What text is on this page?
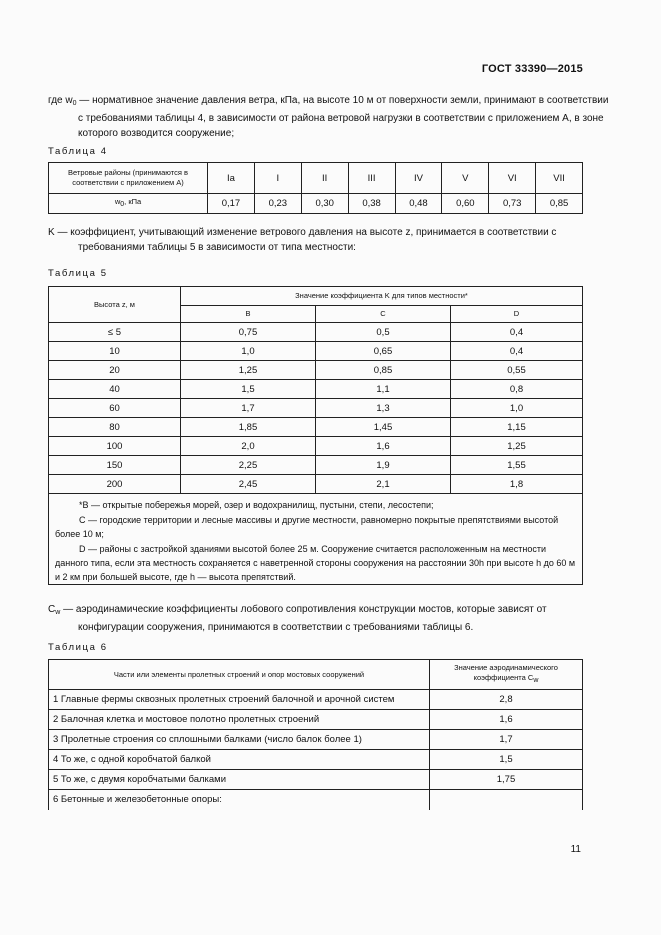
ГОСТ 33390—2015
где $w_0$ — нормативное значение давления ветра, кПа, на высоте 10 м от поверхности земли, принимают в соответствии с требованиями таблицы 4, в зависимости от района ветровой нагрузки в соответствии с приложением А, в зоне которого возводится сооружение;
Таблица 4
Ветровые районы (принимаются в соответствии с приложением А)	Ia	I	II	III	IV	V	VI	VII
$w_0$, кПа	0,17	0,23	0,30	0,38	0,48	0,60	0,73	0,85
K — коэффициент, учитывающий изменение ветрового давления на высоте z, принимается в соответствии с требованиями таблицы 5 в зависимости от типа местности:
Таблица 5
Высота z, м	Значение коэффициента K для типов местности*		
	B	C	D
≤ 5	0,75	0,5	0,4
10	1,0	0,65	0,4
20	1,25	0,85	0,55
40	1,5	1,1	0,8
60	1,7	1,3	1,0
80	1,85	1,45	1,15
100	2,0	1,6	1,25
150	2,25	1,9	1,55
200	2,45	2,1	1,8

*B — открытые побережья морей, озер и водохранилищ, пустыни, степи, лесостепи;
C — городские территории и лесные массивы и другие местности, равномерно покрытые препятствиями высотой более 10 м;
D — районы с застройкой зданиями высотой более 25 м. Сооружение считается расположенным на местности данного типа, если эта местность сохраняется с наветренной стороны сооружения на расстоянии 30h при высоте h до 60 м и 2 км при большей высоте, где h — высота препятствий.			
$C_w$ — аэродинамические коэффициенты лобового сопротивления конструкции мостов, которые зависят от конфигурации сооружения, принимаются в соответствии с требованиями таблицы 6.
Таблица 6
Части или элементы пролетных строений и опор мостовых сооружений	Значение аэродинамического коэффициента $C_w$
1 Главные фермы сквозных пролетных строений балочной и арочной систем	2,8
2 Балочная клетка и мостовое полотно пролетных строений	1,6
3 Пролетные строения со сплошными балками (число балок более 1)	1,7
4 То же, с одной коробчатой балкой	1,5
5 То же, с двумя коробчатыми балками	1,75
6 Бетонные и железобетонные опоры:	
11
